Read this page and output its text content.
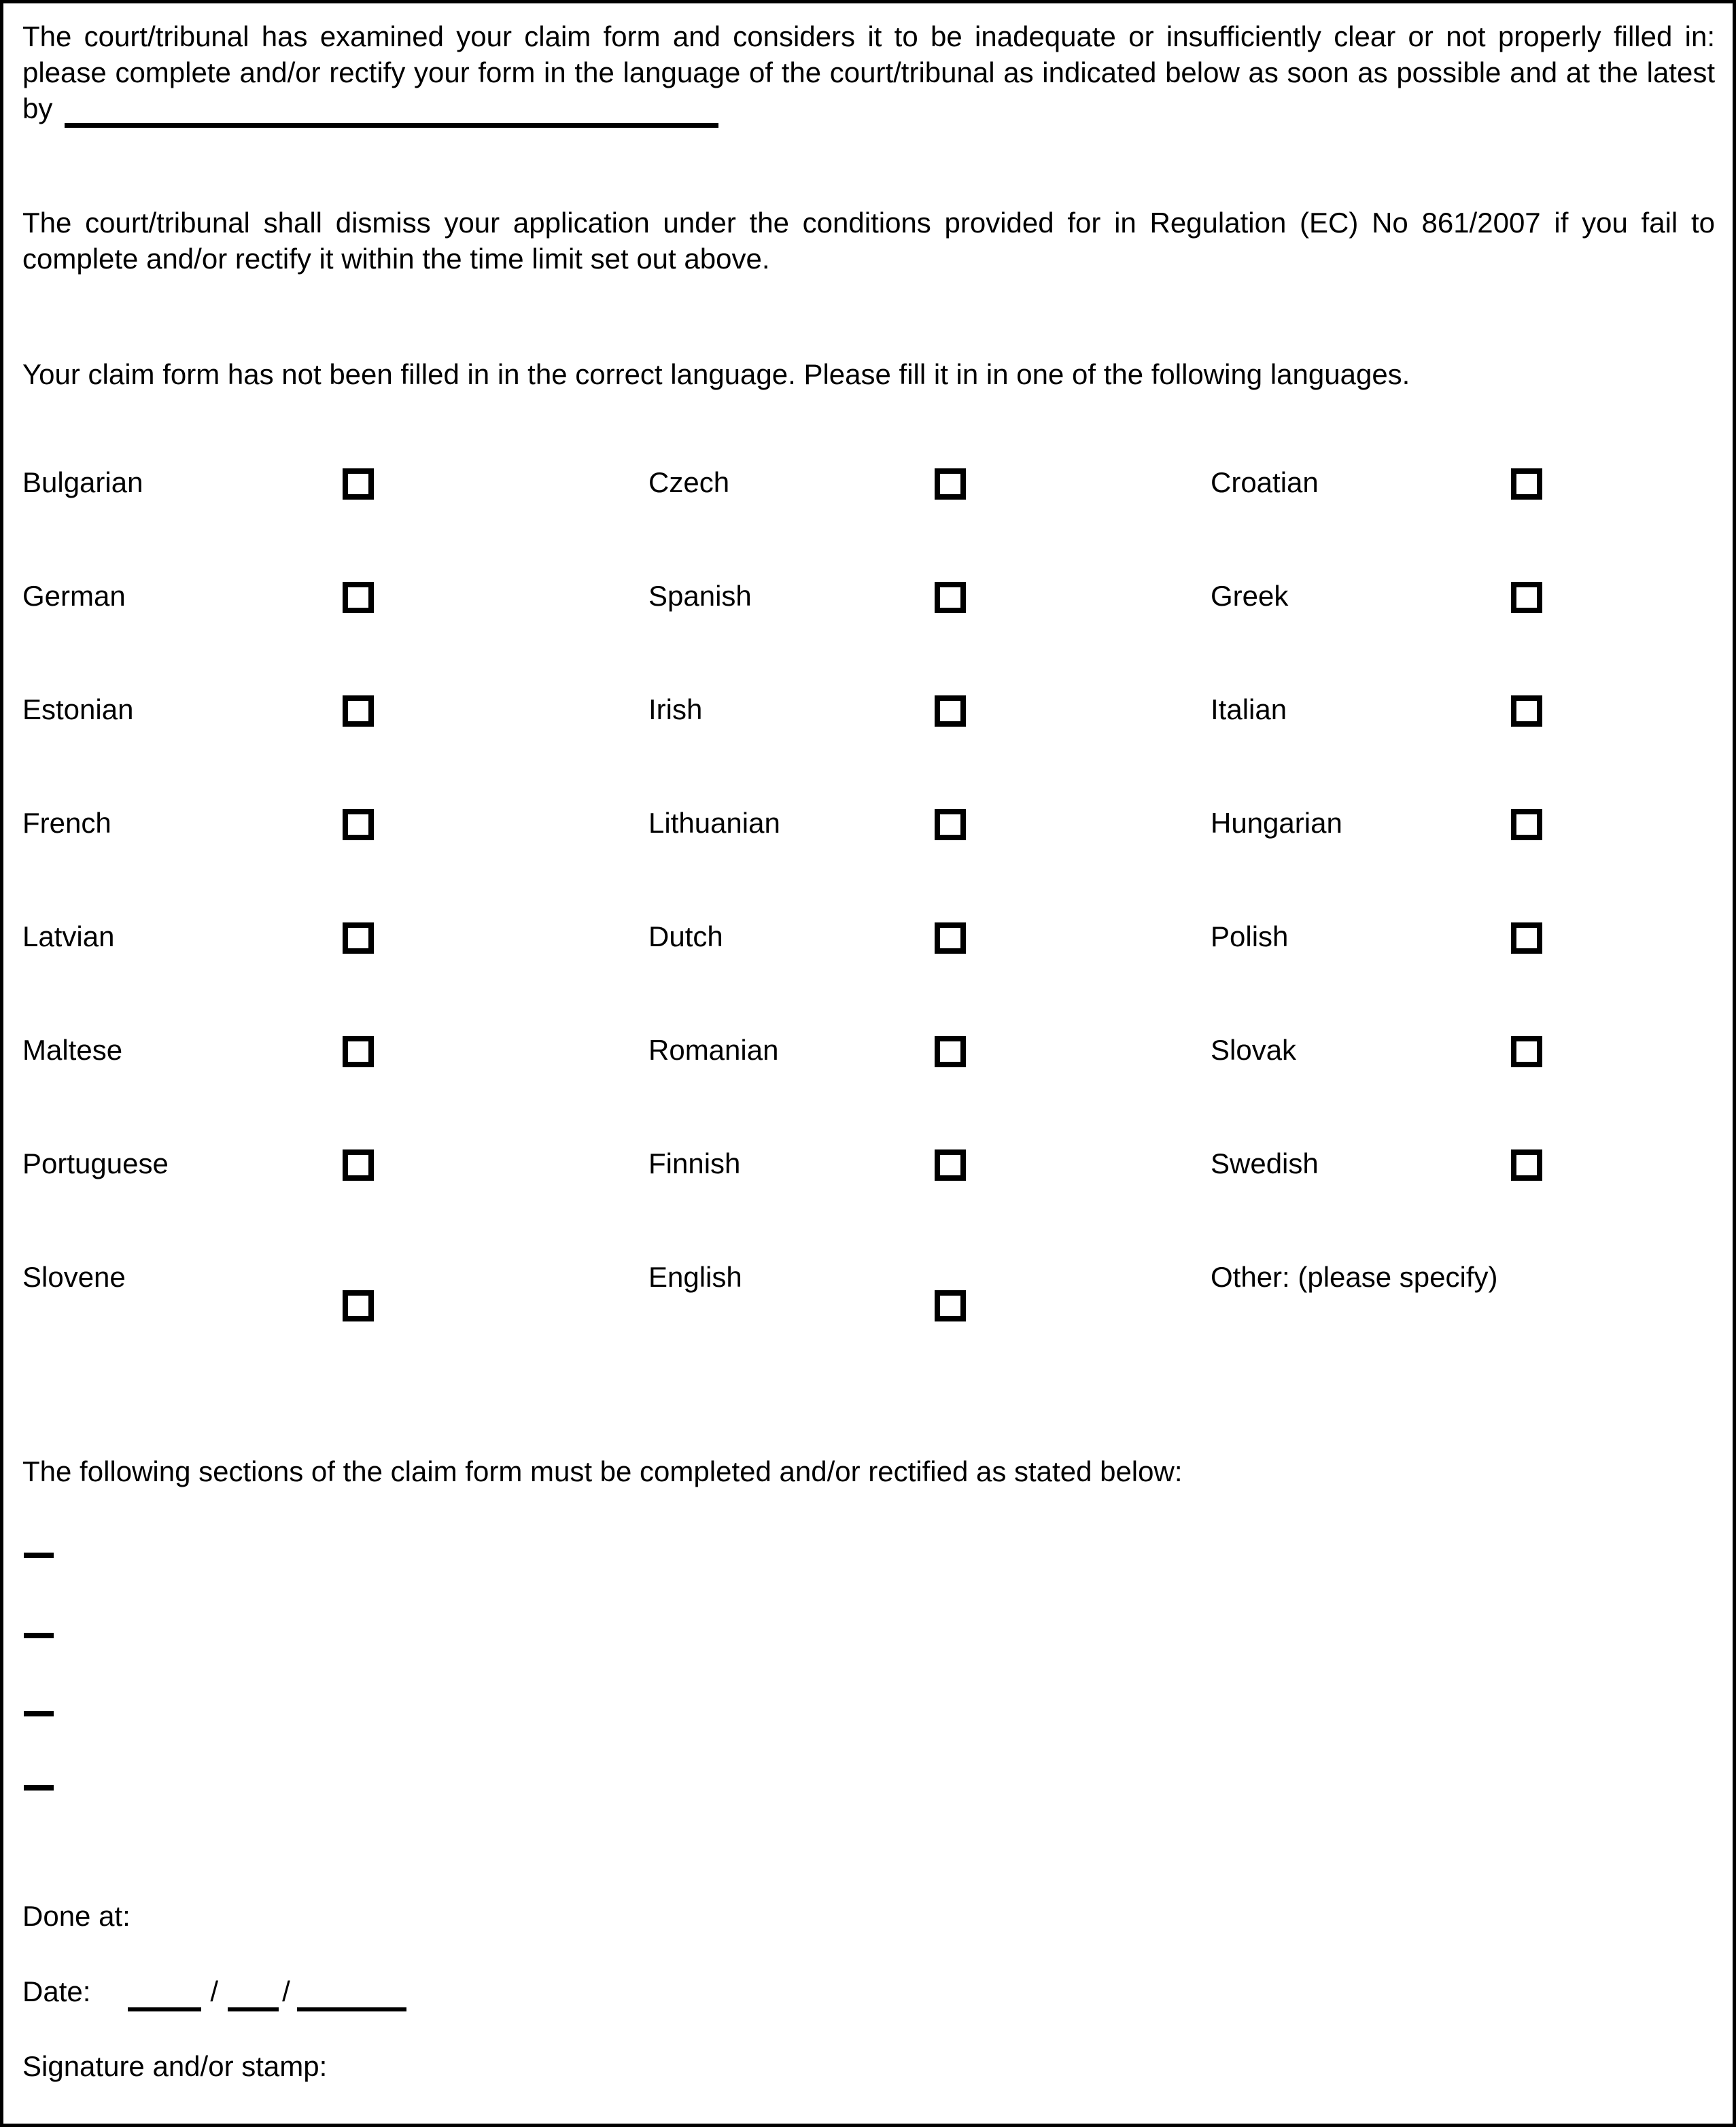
The court/tribunal has examined your claim form and considers it to be inadequate or insufficiently clear or not properly filled in: please complete and/or rectify your form in the language of the court/tribunal as indicated below as soon as possible and at the latest by
The court/tribunal shall dismiss your application under the conditions provided for in Regulation (EC) No 861/2007 if you fail to complete and/or rectify it within the time limit set out above.
Your claim form has not been filled in in the correct language. Please fill it in in one of the following languages.
Bulgarian	Czech	Croatian
German	Spanish	Greek
Estonian	Irish	Italian
French	Lithuanian	Hungarian
Latvian	Dutch	Polish
Maltese	Romanian	Slovak
Portuguese	Finnish	Swedish
Slovene	English	Other: (please specify)
The following sections of the claim form must be completed and/or rectified as stated below:
Done at:
Date:	/ /
Signature and/or stamp:
